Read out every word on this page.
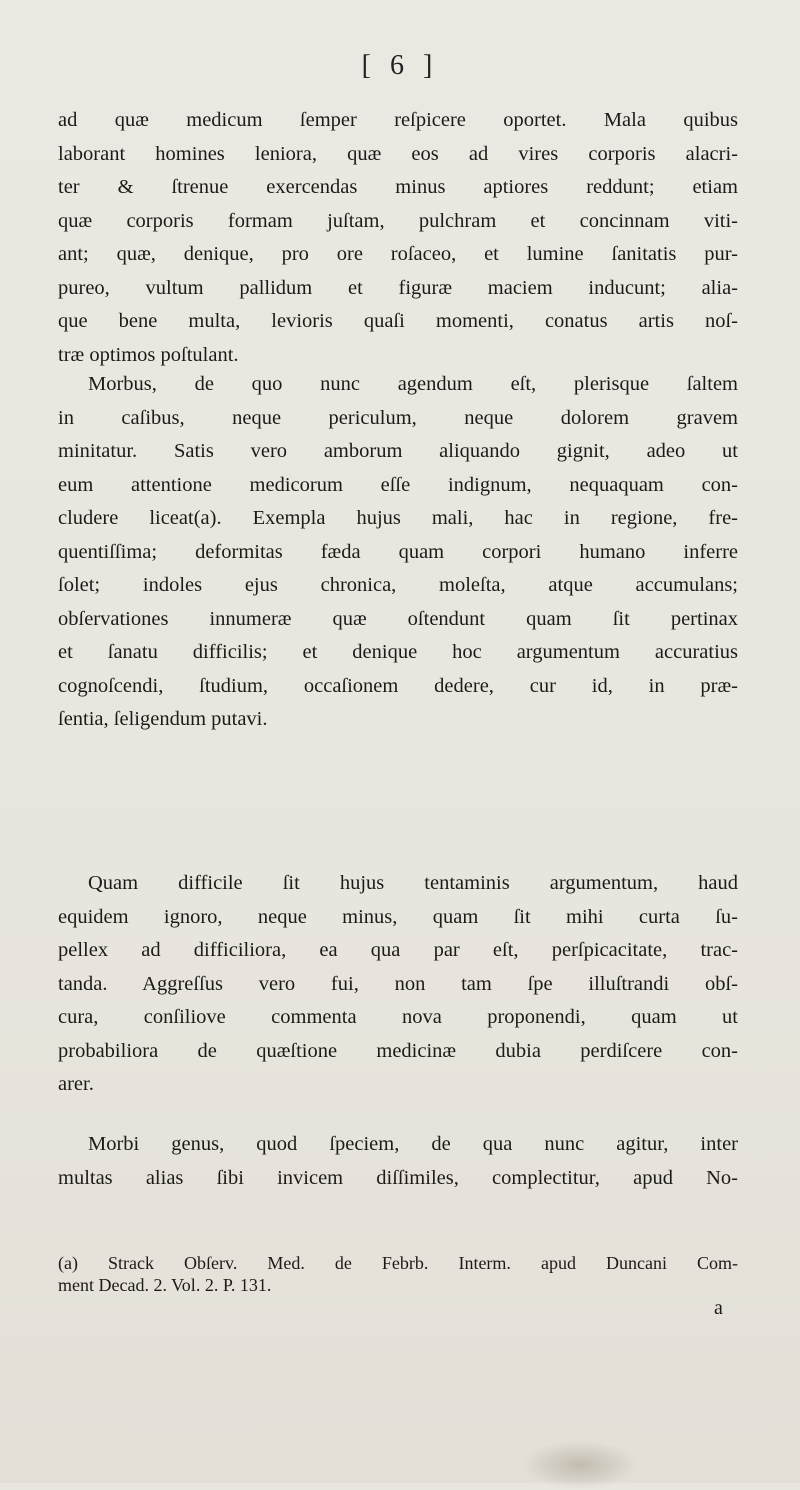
[ 6 ]
ad quæ medicum ſemper reſpicere oportet. Mala quibus
laborant homines leniora, quæ eos ad vires corporis alacri-
ter & ſtrenue exercendas minus aptiores reddunt; etiam
quæ corporis formam juſtam, pulchram et concinnam viti-
ant; quæ, denique, pro ore roſaceo, et lumine ſanitatis pur-
pureo, vultum pallidum et figuræ maciem inducunt; alia-
que bene multa, levioris quaſi momenti, conatus artis noſ-
træ optimos poſtulant.
Morbus, de quo nunc agendum eſt, plerisque ſaltem
in caſibus, neque periculum, neque dolorem gravem
minitatur. Satis vero amborum aliquando gignit, adeo ut
eum attentione medicorum eſſe indignum, nequaquam con-
cludere liceat(a). Exempla hujus mali, hac in regione, fre-
quentiſſima; deformitas fæda quam corpori humano inferre
ſolet; indoles ejus chronica, moleſta, atque accumulans;
obſervationes innumeræ quæ oſtendunt quam ſit pertinax
et ſanatu difficilis; et denique hoc argumentum accuratius
cognoſcendi, ſtudium, occaſionem dedere, cur id, in præ-
ſentia, ſeligendum putavi.
Quam difficile ſit hujus tentaminis argumentum, haud
equidem ignoro, neque minus, quam ſit mihi curta ſu-
pellex ad difficiliora, ea qua par eſt, perſpicacitate, trac-
tanda. Aggreſſus vero fui, non tam ſpe illuſtrandi obſ-
cura, conſiliove commenta nova proponendi, quam ut
probabiliora de quæſtione medicinæ dubia perdiſcere con-
arer.
Morbi genus, quod ſpeciem, de qua nunc agitur, inter
multas alias ſibi invicem diſſimiles, complectitur, apud No-
(a) Strack Obſerv. Med. de Febrb. Interm. apud Duncani Com-
ment Decad. 2. Vol. 2. P. 131.
a
